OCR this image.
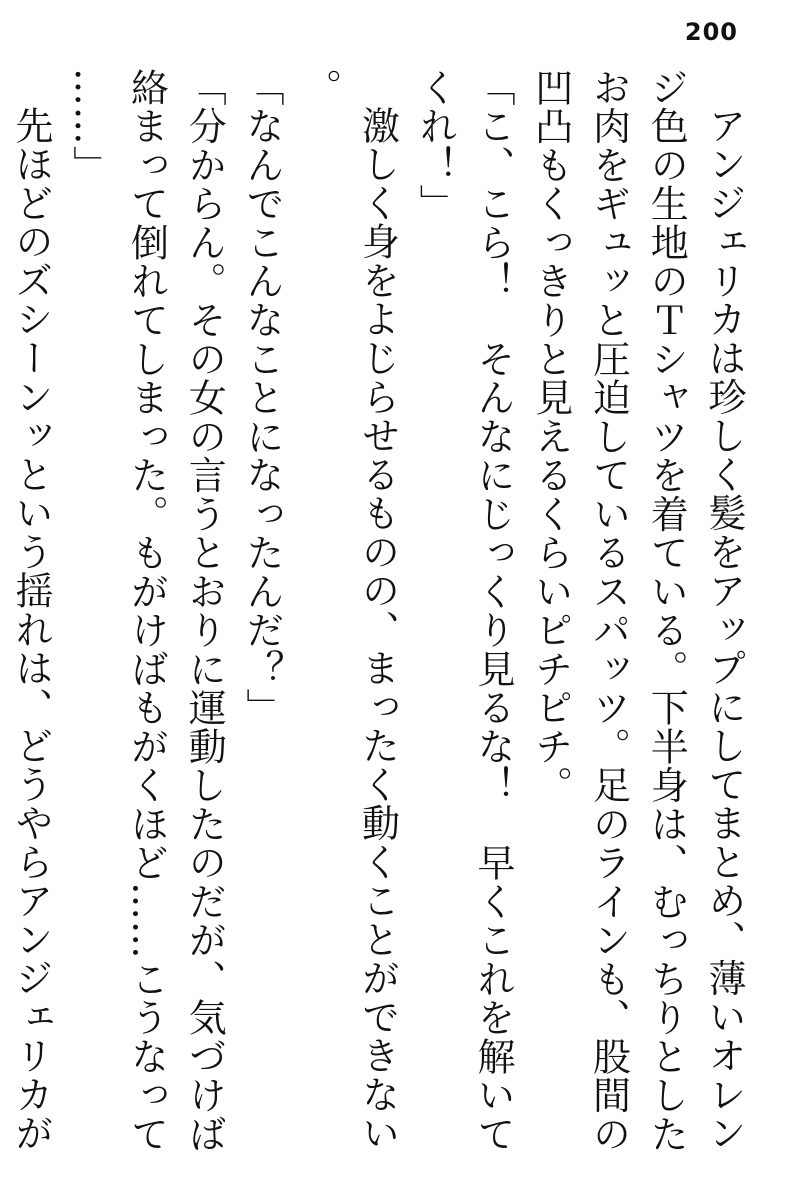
200

アンジェリカは珍しく髪をアップにしてまとめ、薄いオレンジ色の生地のＴシャツを着ている。下半身は、むっちりとしたお肉をギュッと圧迫しているスパッツ。足のラインも、股間の凹凸もくっきりと見えるくらいピチピチ。

「こ、こら！　そんなにじっくり見るな！　早くこれを解いてくれ！」

激しく身をよじらせるものの、まったく動くことができない。

「なんでこんなことになったんだ？」

「分からん。その女の言うとおりに運動したのだが、気づけば絡まって倒れてしまった。もがけばもがくほど……こうなって……」

先ほどのズシーンッという揺れは、どうやらアンジェリカが
